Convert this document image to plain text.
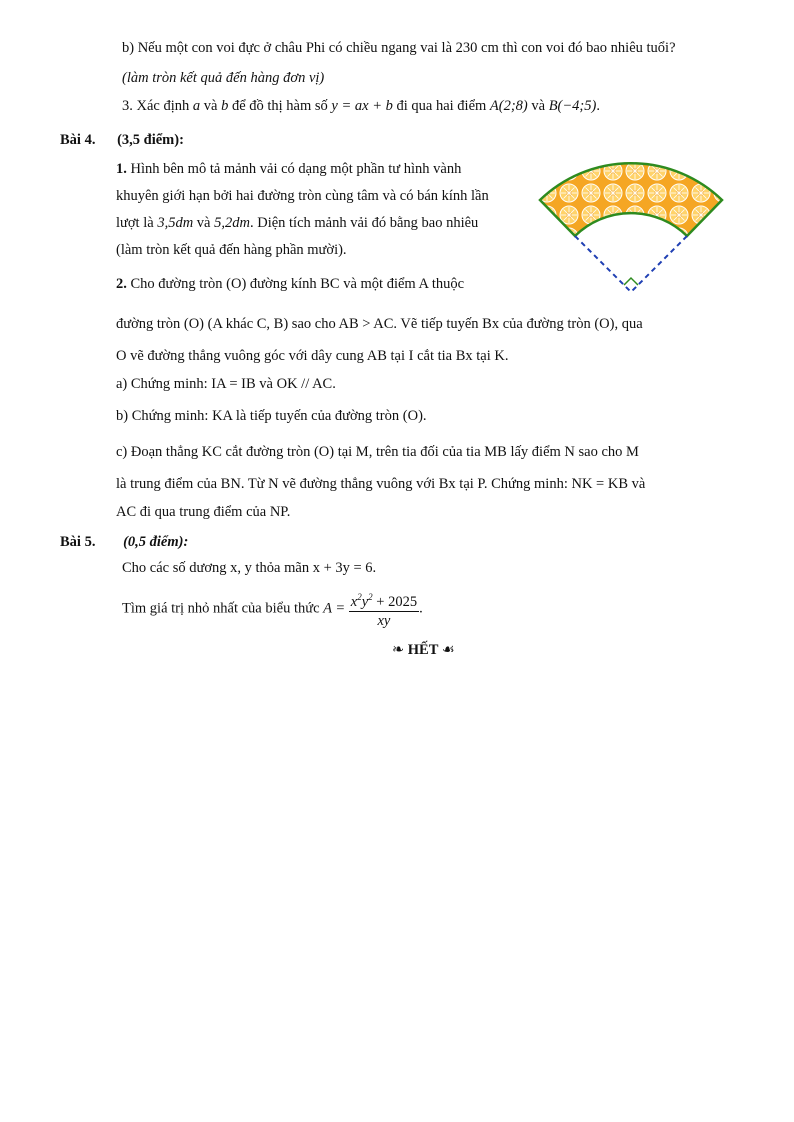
b) Nếu một con voi đực ở châu Phi có chiều ngang vai là 230 cm thì con voi đó bao nhiêu tuổi?
(làm tròn kết quả đến hàng đơn vị)
3. Xác định a và b để đồ thị hàm số y = ax + b đi qua hai điểm A(2;8) và B(−4;5).
Bài 4. (3,5 điểm):
1. Hình bên mô tả mảnh vải có dạng một phần tư hình vành
khuyên giới hạn bởi hai đường tròn cùng tâm và có bán kính lần
lượt là 3,5dm và 5,2dm. Diện tích mảnh vải đó bằng bao nhiêu
(làm tròn kết quả đến hàng phần mười).
2. Cho đường tròn (O) đường kính BC và một điểm A thuộc
đường tròn (O) (A khác C, B) sao cho AB > AC. Vẽ tiếp tuyến Bx của đường tròn (O), qua
O vẽ đường thẳng vuông góc với dây cung AB tại I cắt tia Bx tại K.
a) Chứng minh: IA = IB và OK // AC.
b) Chứng minh: KA là tiếp tuyến của đường tròn (O).
c) Đoạn thẳng KC cắt đường tròn (O) tại M, trên tia đối của tia MB lấy điểm N sao cho M
là trung điểm của BN. Từ N vẽ đường thẳng vuông với Bx tại P. Chứng minh: NK = KB và
AC đi qua trung điểm của NP.
Bài 5. (0,5 điểm):
Cho các số dương x, y thỏa mãn x + 3y = 6.
Tìm giá trị nhỏ nhất của biểu thức $A = \frac{x^2y^2 + 2025}{xy}$ .
❧ HẾT ☙
